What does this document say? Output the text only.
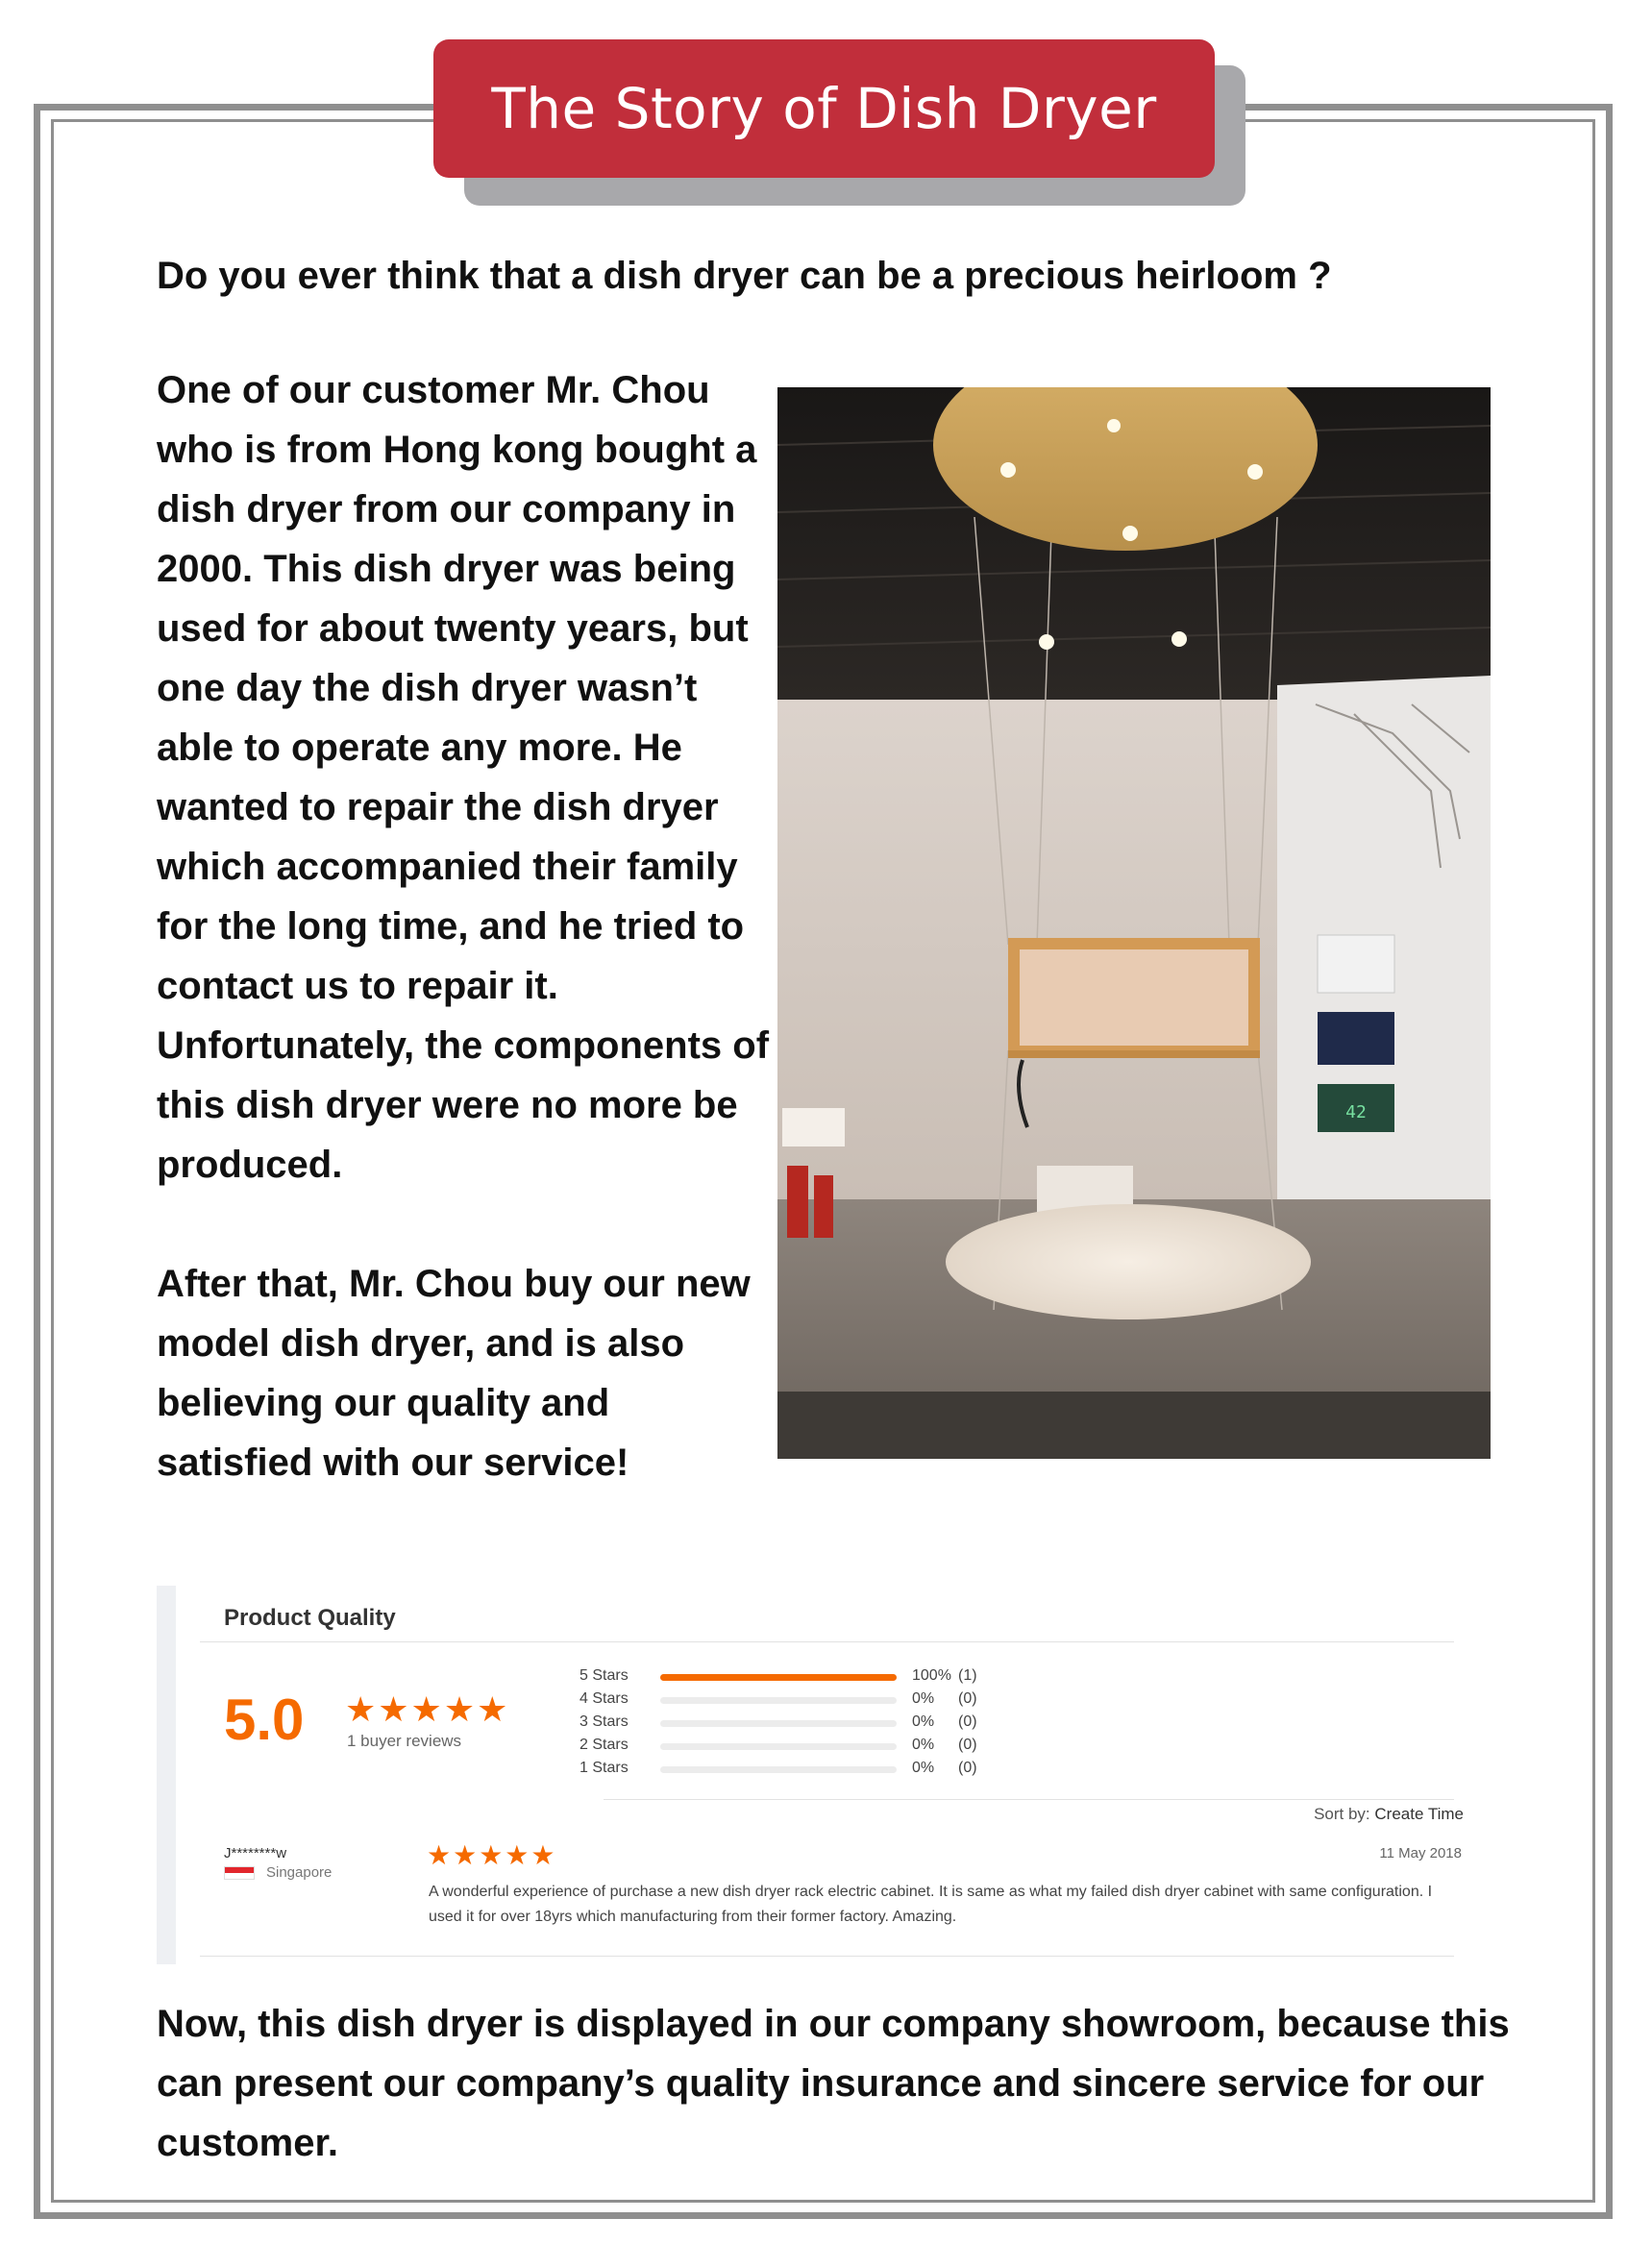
The Story of Dish Dryer
Do you ever think that a dish dryer can be a precious heirloom ?

One of our customer Mr. Chou who is from Hong kong bought a dish dryer from our company in 2000. This dish dryer was being used for about twenty years, but one day the dish dryer wasn’t able to operate any more. He wanted to repair the dish dryer which accompanied their family for the long time, and he tried to contact us to repair it. Unfortunately, the components of this dish dryer were no more be produced.

After that, Mr. Chou buy our new model dish dryer, and is also believing our quality and satisfied with our service!

42
Product Quality
5.0 ★★★★★
1 buyer reviews
5 Stars	100% (1)
4 Stars	0%	(0)
3 Stars	0%	(0)
2 Stars	0%	(0)
1 Stars	0%	(0)
Sort by: Create Time
J********w
Singapore
★★★★★	11 May 2018
A wonderful experience of purchase a new dish dryer rack electric cabinet. It is same as what my failed dish dryer cabinet with same configuration. I used it for over 18yrs which manufacturing from their former factory. Amazing.

Now, this dish dryer is displayed in our company showroom, because this can present our company’s quality insurance and sincere service for our customer.
